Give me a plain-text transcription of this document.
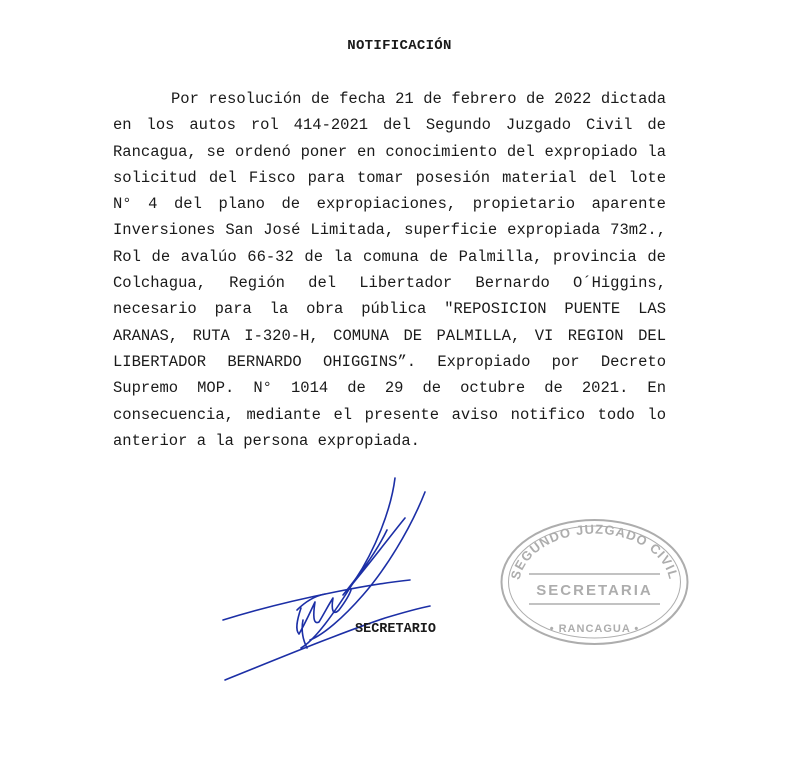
NOTIFICACIÓN
Por resolución de fecha 21 de febrero de 2022 dictada
en los autos rol 414-2021 del Segundo Juzgado Civil de
Rancagua, se ordenó poner en conocimiento del expropiado la
solicitud del Fisco para tomar posesión material del lote
N° 4 del plano de expropiaciones, propietario aparente
Inversiones San José Limitada, superficie expropiada 73m2.,
Rol de avalúo 66-32 de la comuna de Palmilla, provincia de
Colchagua, Región del Libertador Bernardo O´Higgins,
necesario para la obra pública "REPOSICION PUENTE LAS
ARANAS, RUTA I-320-H, COMUNA DE PALMILLA, VI REGION DEL
LIBERTADOR BERNARDO OHIGGINS”. Expropiado por Decreto
Supremo MOP. N° 1014 de 29 de octubre de 2021. En
consecuencia, mediante el presente aviso notifico todo lo
anterior a la persona expropiada.
SECRETARIO
SEGUNDO JUZGADO CIVIL
SECRETARIA
• RANCAGUA •
